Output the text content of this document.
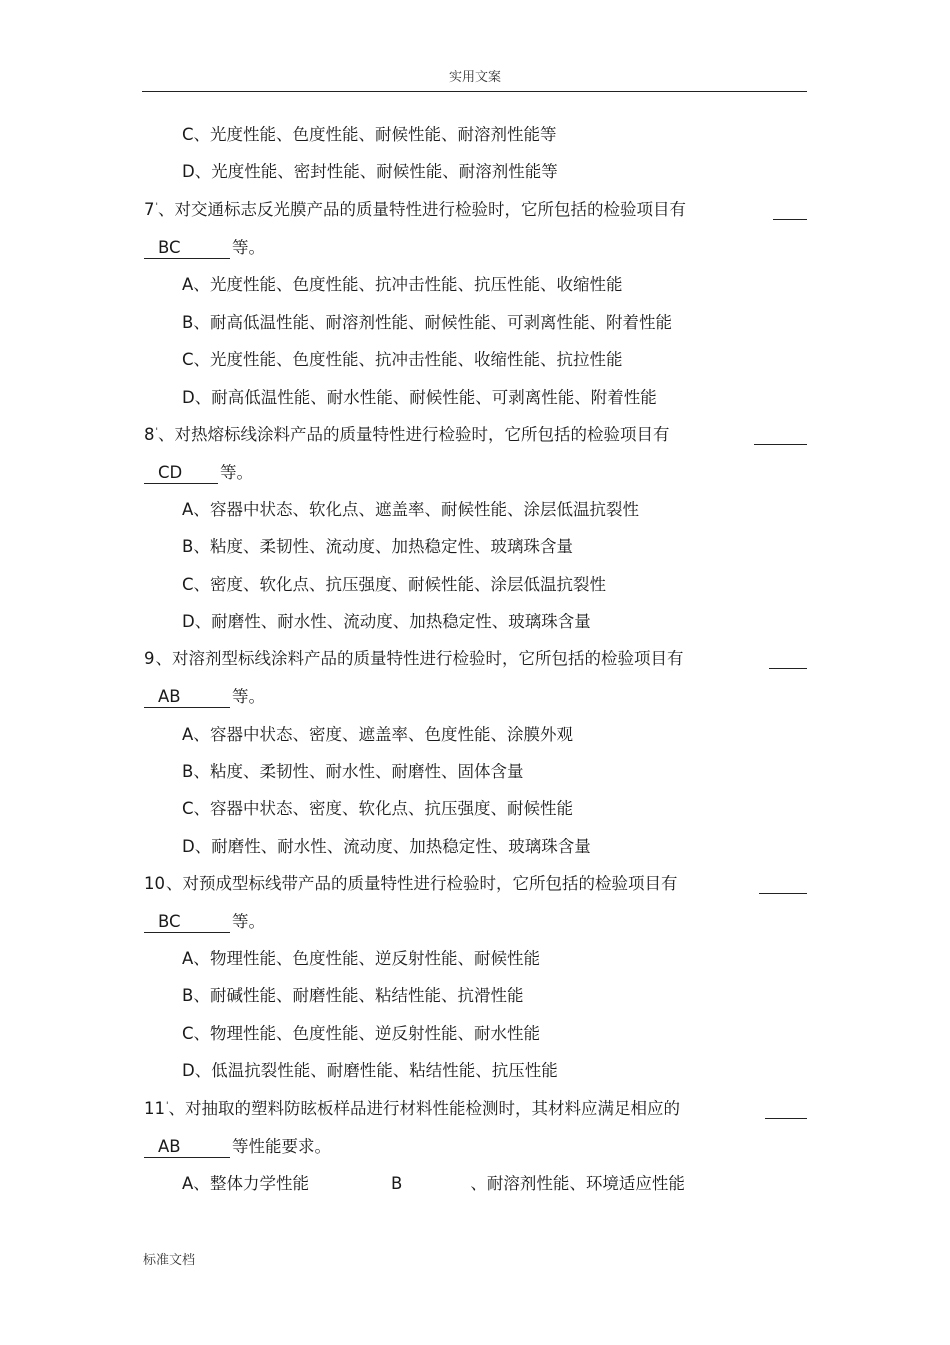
实用文案
C、光度性能、色度性能、耐候性能、耐溶剂性能等
D、光度性能、密封性能、耐候性能、耐溶剂性能等
7'、对交通标志反光膜产品的质量特性进行检验时，它所包括的检验项目有
BC	等。
A、光度性能、色度性能、抗冲击性能、抗压性能、收缩性能
B、耐高低温性能、耐溶剂性能、耐候性能、可剥离性能、附着性能
C、光度性能、色度性能、抗冲击性能、收缩性能、抗拉性能
D、耐高低温性能、耐水性能、耐候性能、可剥离性能、附着性能
8'、对热熔标线涂料产品的质量特性进行检验时，它所包括的检验项目有
CD 等。
A、容器中状态、软化点、遮盖率、耐候性能、涂层低温抗裂性
B、粘度、柔韧性、流动度、加热稳定性、玻璃珠含量
C、密度、软化点、抗压强度、耐候性能、涂层低温抗裂性
D、耐磨性、耐水性、流动度、加热稳定性、玻璃珠含量
9、对溶剂型标线涂料产品的质量特性进行检验时，它所包括的检验项目有
AB	等。
A、容器中状态、密度、遮盖率、色度性能、涂膜外观
B、粘度、柔韧性、耐水性、耐磨性、固体含量
C、容器中状态、密度、软化点、抗压强度、耐候性能
D、耐磨性、耐水性、流动度、加热稳定性、玻璃珠含量
10、对预成型标线带产品的质量特性进行检验时，它所包括的检验项目有
BC	等。
A、物理性能、色度性能、逆反射性能、耐候性能
B、耐碱性能、耐磨性能、粘结性能、抗滑性能
C、物理性能、色度性能、逆反射性能、耐水性能
D、低温抗裂性能、耐磨性能、粘结性能、抗压性能
11'、对抽取的塑料防眩板样品进行材料性能检测时，其材料应满足相应的
AB	等性能要求。
A、整体力学性能	B	、耐溶剂性能、环境适应性能
标准文档
